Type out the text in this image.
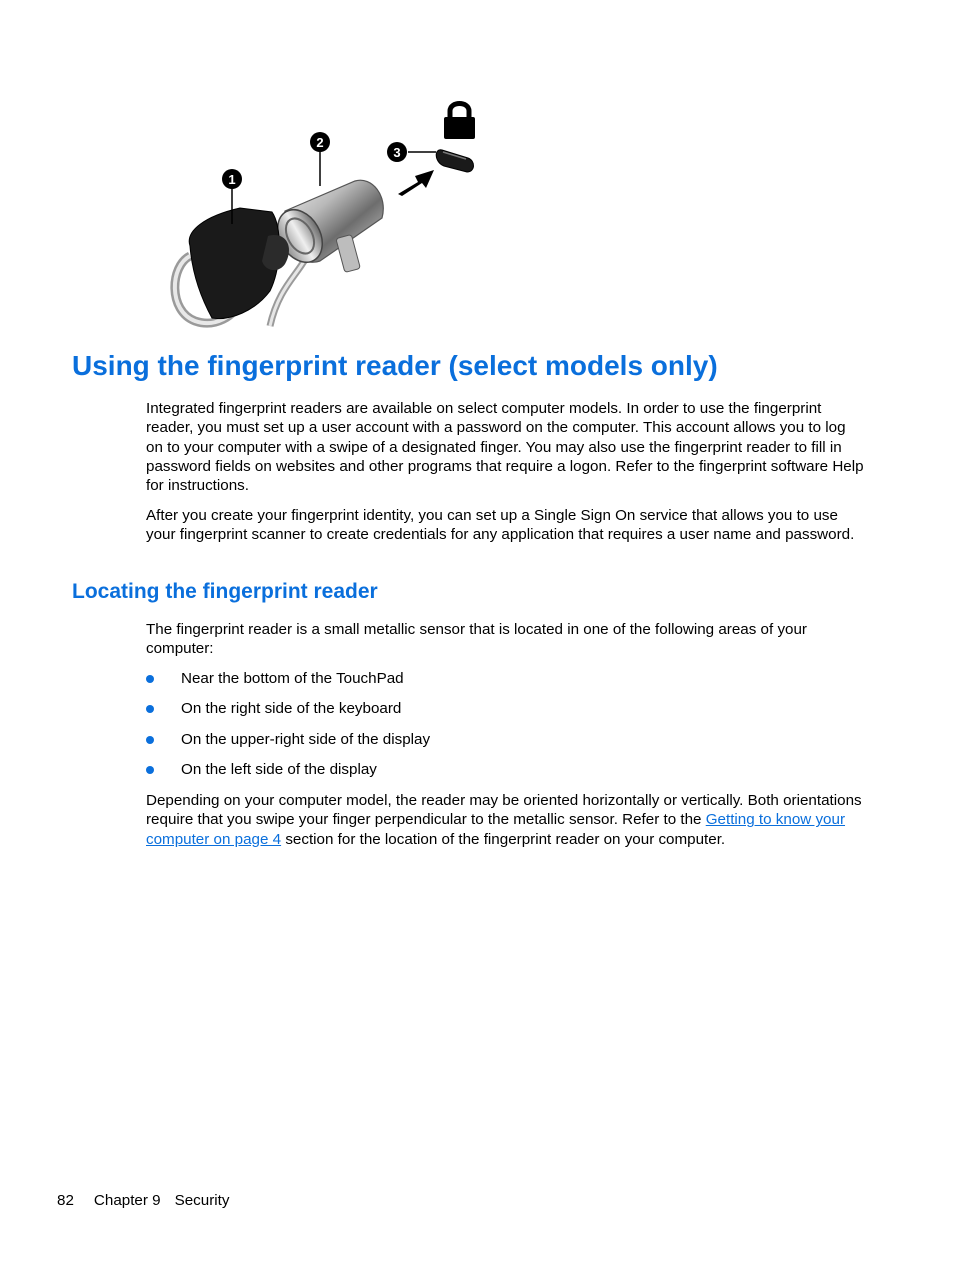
1
2
3
Using the fingerprint reader (select models only)

Integrated fingerprint readers are available on select computer models. In order to use the fingerprint reader, you must set up a user account with a password on the computer. This account allows you to log on to your computer with a swipe of a designated finger. You may also use the fingerprint reader to fill in password fields on websites and other programs that require a logon. Refer to the fingerprint software Help for instructions.

After you create your fingerprint identity, you can set up a Single Sign On service that allows you to use your fingerprint scanner to create credentials for any application that requires a user name and password.

Locating the fingerprint reader

The fingerprint reader is a small metallic sensor that is located in one of the following areas of your computer:

Near the bottom of the TouchPad
On the right side of the keyboard
On the upper-right side of the display
On the left side of the display

Depending on your computer model, the reader may be oriented horizontally or vertically. Both orientations require that you swipe your finger perpendicular to the metallic sensor. Refer to the Getting to know your computer on page 4 section for the location of the fingerprint reader on your computer.

82 Chapter 9 Security
